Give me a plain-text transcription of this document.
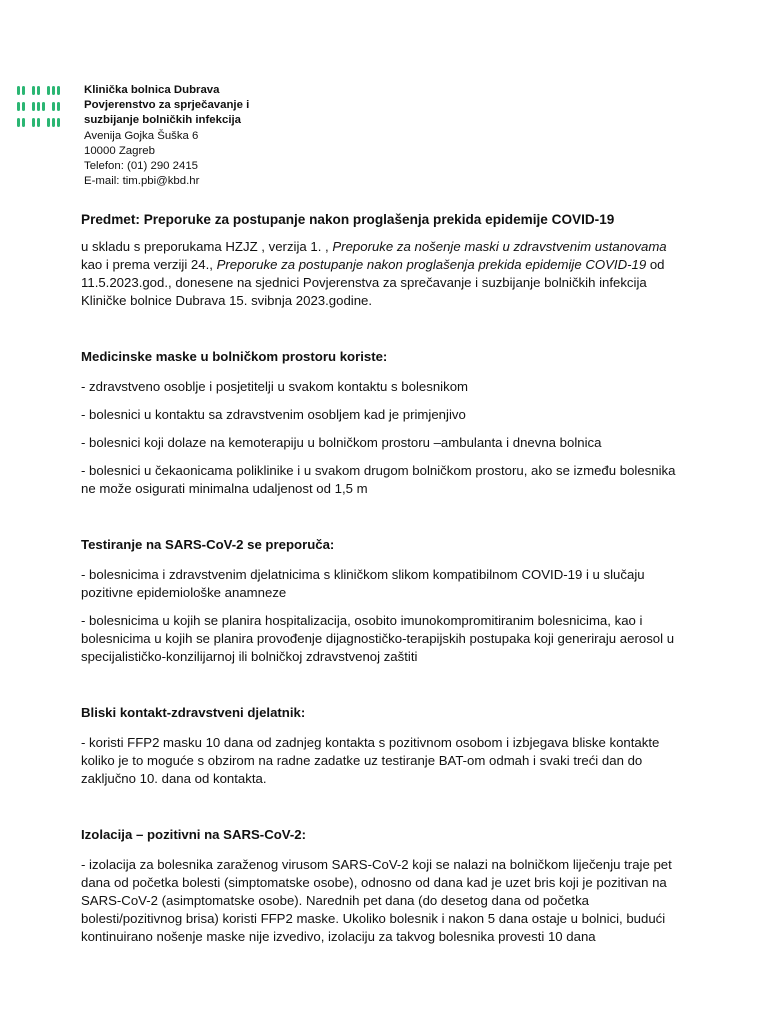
Klinička bolnica Dubrava
Povjerenstvo za sprječavanje i
suzbijanje bolničkih infekcija
Avenija Gojka Šuška 6
10000 Zagreb
Telefon: (01) 290 2415
E-mail: tim.pbi@kbd.hr
Predmet: Preporuke za postupanje nakon proglašenja prekida epidemije COVID-19

u skladu s preporukama HZJZ , verzija 1. , Preporuke za nošenje maski u zdravstvenim ustanovama kao i prema verziji 24., Preporuke za postupanje nakon proglašenja prekida epidemije COVID-19 od 11.5.2023.god., donesene na sjednici Povjerenstva za sprečavanje i suzbijanje bolničkih infekcija Kliničke bolnice Dubrava 15. svibnja 2023.godine.

Medicinske maske u bolničkom prostoru koriste:

- zdravstveno osoblje i posjetitelji u svakom kontaktu s bolesnikom

- bolesnici u kontaktu sa zdravstvenim osobljem kad je primjenjivo

- bolesnici koji dolaze na kemoterapiju u bolničkom prostoru –ambulanta i dnevna bolnica

- bolesnici u čekaonicama poliklinike i u svakom drugom bolničkom prostoru, ako se između bolesnika ne može osigurati minimalna udaljenost od 1,5 m

Testiranje na SARS-CoV-2 se preporuča:

- bolesnicima i zdravstvenim djelatnicima s kliničkom slikom kompatibilnom COVID-19 i u slučaju pozitivne epidemiološke anamneze

- bolesnicima u kojih se planira hospitalizacija, osobito imunokompromitiranim bolesnicima, kao i bolesnicima u kojih se planira provođenje dijagnostičko-terapijskih postupaka koji generiraju aerosol u specijalističko-konzilijarnoj ili bolničkoj zdravstvenoj zaštiti

Bliski kontakt-zdravstveni djelatnik:

- koristi FFP2 masku 10 dana od zadnjeg kontakta s pozitivnom osobom i izbjegava bliske kontakte koliko je to moguće s obzirom na radne zadatke uz testiranje BAT-om odmah i svaki treći dan do zaključno 10. dana od kontakta.

Izolacija – pozitivni na SARS-CoV-2:

- izolacija za bolesnika zaraženog virusom SARS-CoV-2 koji se nalazi na bolničkom liječenju traje pet dana od početka bolesti (simptomatske osobe), odnosno od dana kad je uzet bris koji je pozitivan na SARS-CoV-2 (asimptomatske osobe). Narednih pet dana (do desetog dana od početka bolesti/pozitivnog brisa) koristi FFP2 maske. Ukoliko bolesnik i nakon 5 dana ostaje u bolnici, budući kontinuirano nošenje maske nije izvedivo, izolaciju za takvog bolesnika provesti 10 dana
